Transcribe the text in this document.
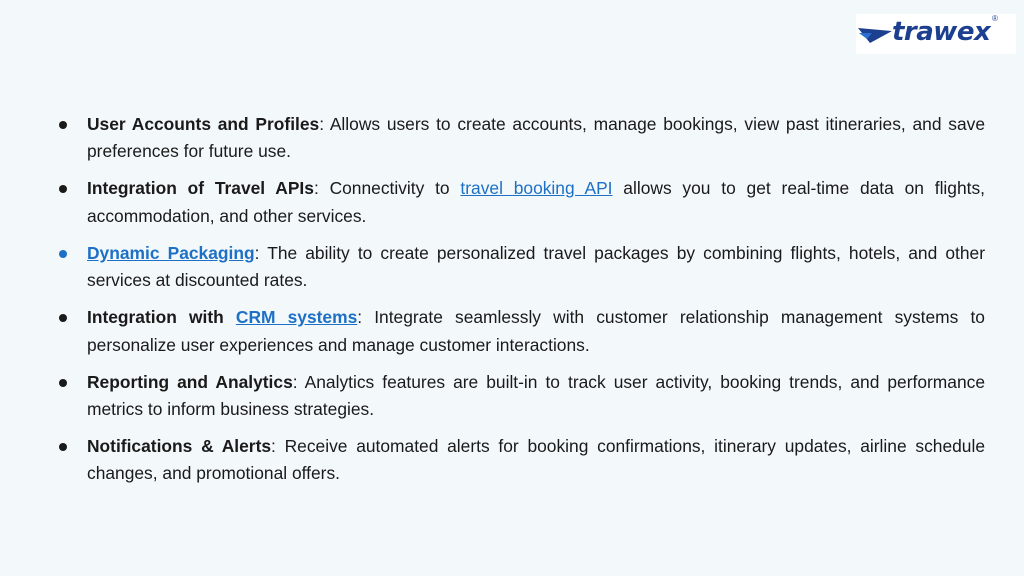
trawex ®
User Accounts and Profiles: Allows users to create accounts, manage bookings, view past itineraries, and save preferences for future use.
Integration of Travel APIs: Connectivity to travel booking API allows you to get real-time data on flights, accommodation, and other services.
Dynamic Packaging: The ability to create personalized travel packages by combining flights, hotels, and other services at discounted rates.
Integration with CRM systems: Integrate seamlessly with customer relationship management systems to personalize user experiences and manage customer interactions.
Reporting and Analytics: Analytics features are built-in to track user activity, booking trends, and performance metrics to inform business strategies.
Notifications & Alerts: Receive automated alerts for booking confirmations, itinerary updates, airline schedule changes, and promotional offers.
